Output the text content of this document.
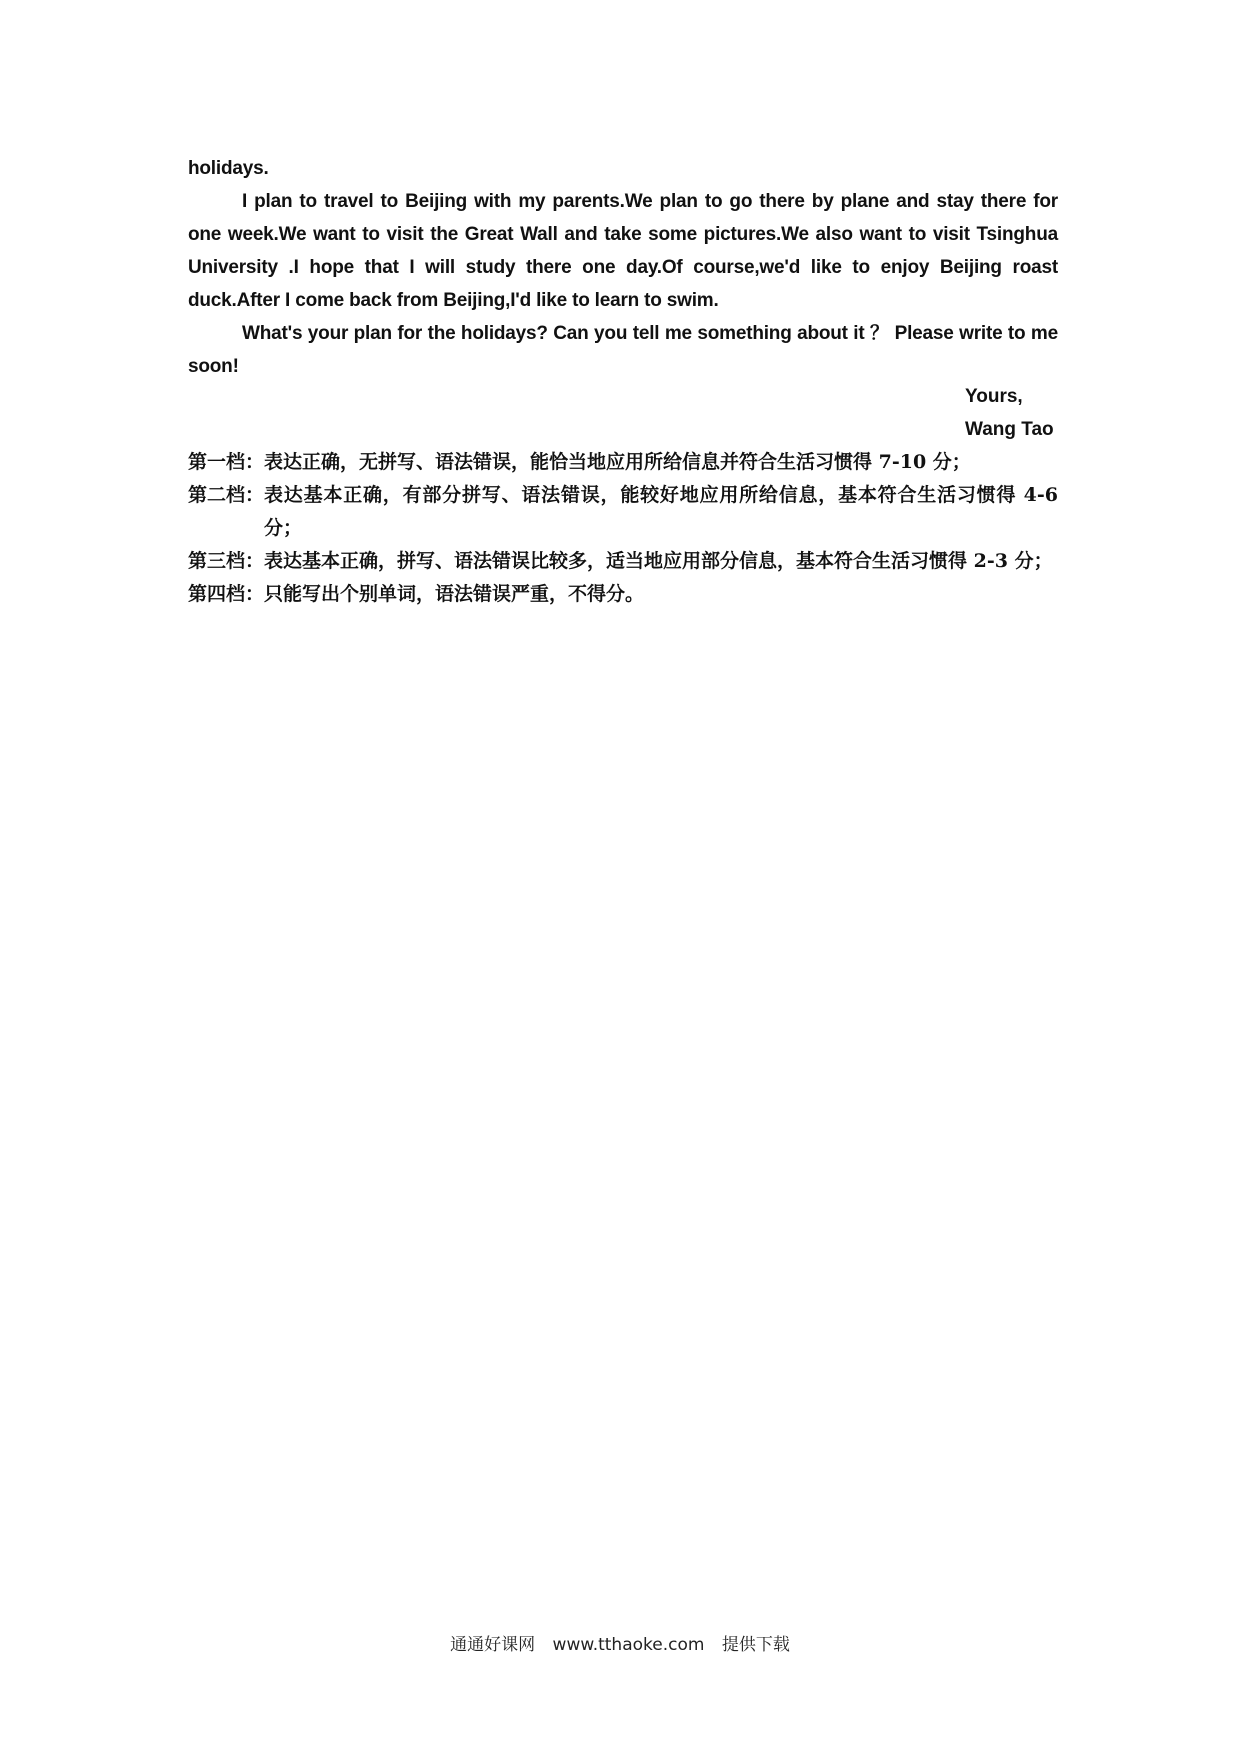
holidays.

I plan to travel to Beijing with my parents.We plan to go there by plane and stay there for one week.We want to visit the Great Wall and take some pictures.We also want to visit Tsinghua University .I hope that I will study there one day.Of course,we'd like to enjoy Beijing roast duck.After I come back from Beijing,I'd like to learn to swim.

What's your plan for the holidays? Can you tell me something about it ？ Please write to me soon!

Yours,
Wang Tao
第一档： 表达正确，无拼写、语法错误，能恰当地应用所给信息并符合生活习惯得 7-10 分；
第二档： 表达基本正确，有部分拼写、语法错误，能较好地应用所给信息，基本符合生活习惯得 4-6 分；
第三档： 表达基本正确，拼写、语法错误比较多，适当地应用部分信息，基本符合生活习惯得 2-3 分；
第四档： 只能写出个别单词，语法错误严重，不得分。
通通好课网 www.tthaoke.com 提供下载
